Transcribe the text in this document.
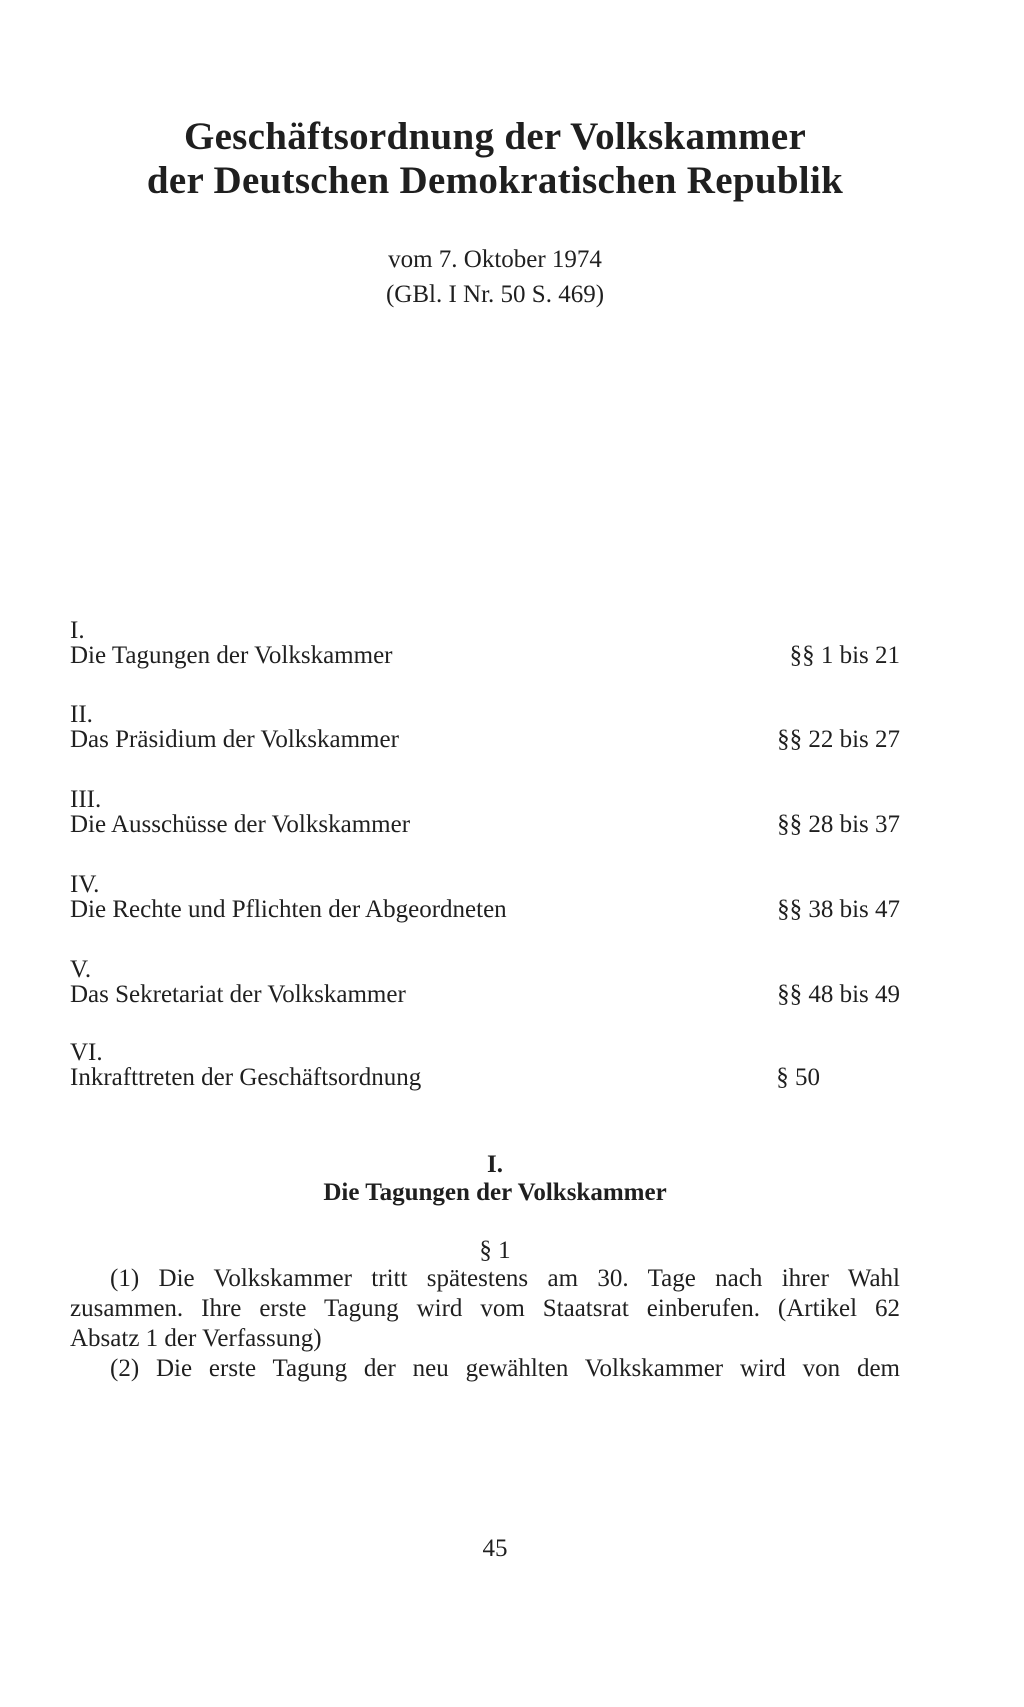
Geschäftsordnung der Volkskammer
der Deutschen Demokratischen Republik
vom 7. Oktober 1974
(GBl. I Nr. 50 S. 469)
I.
Die Tagungen der Volkskammer	§§ 1 bis 21
II.
Das Präsidium der Volkskammer	§§ 22 bis 27
III.
Die Ausschüsse der Volkskammer	§§ 28 bis 37
IV.
Die Rechte und Pflichten der Abgeordneten	§§ 38 bis 47
V.
Das Sekretariat der Volkskammer	§§ 48 bis 49
VI.
Inkrafttreten der Geschäftsordnung	§ 50
I.
Die Tagungen der Volkskammer
§ 1
(1) Die Volkskammer tritt spätestens am 30. Tage nach ihrer Wahl
zusammen. Ihre erste Tagung wird vom Staatsrat einberufen. (Artikel 62
Absatz 1 der Verfassung)
(2) Die erste Tagung der neu gewählten Volkskammer wird von dem
45
